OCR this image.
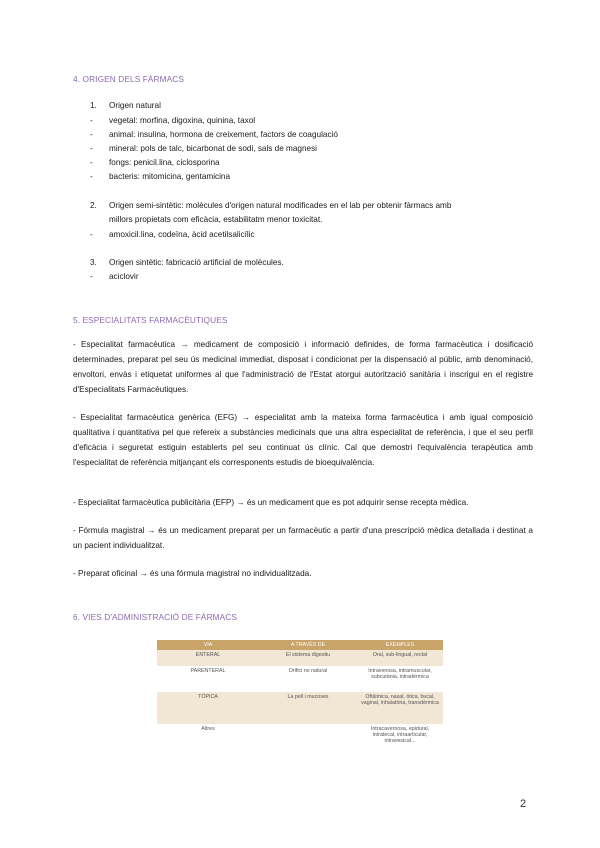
4. ORIGEN DELS FÀRMACS
1. Origen natural
- vegetal: morfina, digoxina, quinina, taxol
- animal: insulina, hormona de creixement, factors de coagulació
- mineral: pols de talc, bicarbonat de sodi, sals de magnesi
- fongs: penicil.lina, ciclosporina
- bacteris: mitomicina, gentamicina
2. Origen semi-sintètic: molècules d'origen natural modificades en el lab per obtenir fàrmacs amb
millors propietats com eficàcia, estabilitatm menor toxicitat.
- amoxicil.lina, codeïna, àcid acetilsalicílic
3. Origen sintètic: fabricació artificial de molècules.
- aciclovir
5. ESPECIALITATS FARMACÈUTIQUES
- Especialitat farmacèutica → medicament de composició i informació definides, de forma farmacèutica i dosificació determinades, preparat pel seu ús medicinal immediat, disposat i condicionat per la dispensació al públic, amb denominació, envoltori, envàs i etiquetat uniformes al que l'administració de l'Estat atorgui autorització sanitària i inscrigui en el registre d'Especialitats Farmacèutiques.
- Especialitat farmacèutica genèrica (EFG) → especialitat amb la mateixa forma farmacèutica i amb igual composició qualitativa i quantitativa pel que refereix a substàncies medicinals que una altra especialitat de referència, i que el seu perfil d'eficàcia i seguretat estiguin establerts pel seu continuat ús clínic. Cal que demostri l'equivalència terapèutica amb l'especialitat de referència mitjançant els corresponents estudis de bioequivalència.
- Especialitat farmacèutica publicitària (EFP) → és un medicament que es pot adquirir sense recepta mèdica.
- Fórmula magistral → és un medicament preparat per un farmacèutic a partir d'una prescripció mèdica detallada i destinat a un pacient individualitzat.
- Preparat oficinal → és una fórmula magistral no individualitzada.
6. VIES D'ADMINISTRACIÓ DE FÀRMACS
VIA	A TRAVÉS DE	EXEMPLES
ENTERAL	El sistema digestiu	Oral, sub-lingual, rectal
PARENTERAL	Orifici no natural	Intravenosa, intramuscular, subcutània, intradèrmica
TÒPICA	La pell i mucoses	Oftàlmica, nasal, òtica, bucal, vaginal, inhalatòria, transdèrmica
Altres		Intracavernosa, epidural, intratecal, intraarticular, intravesical...
2
